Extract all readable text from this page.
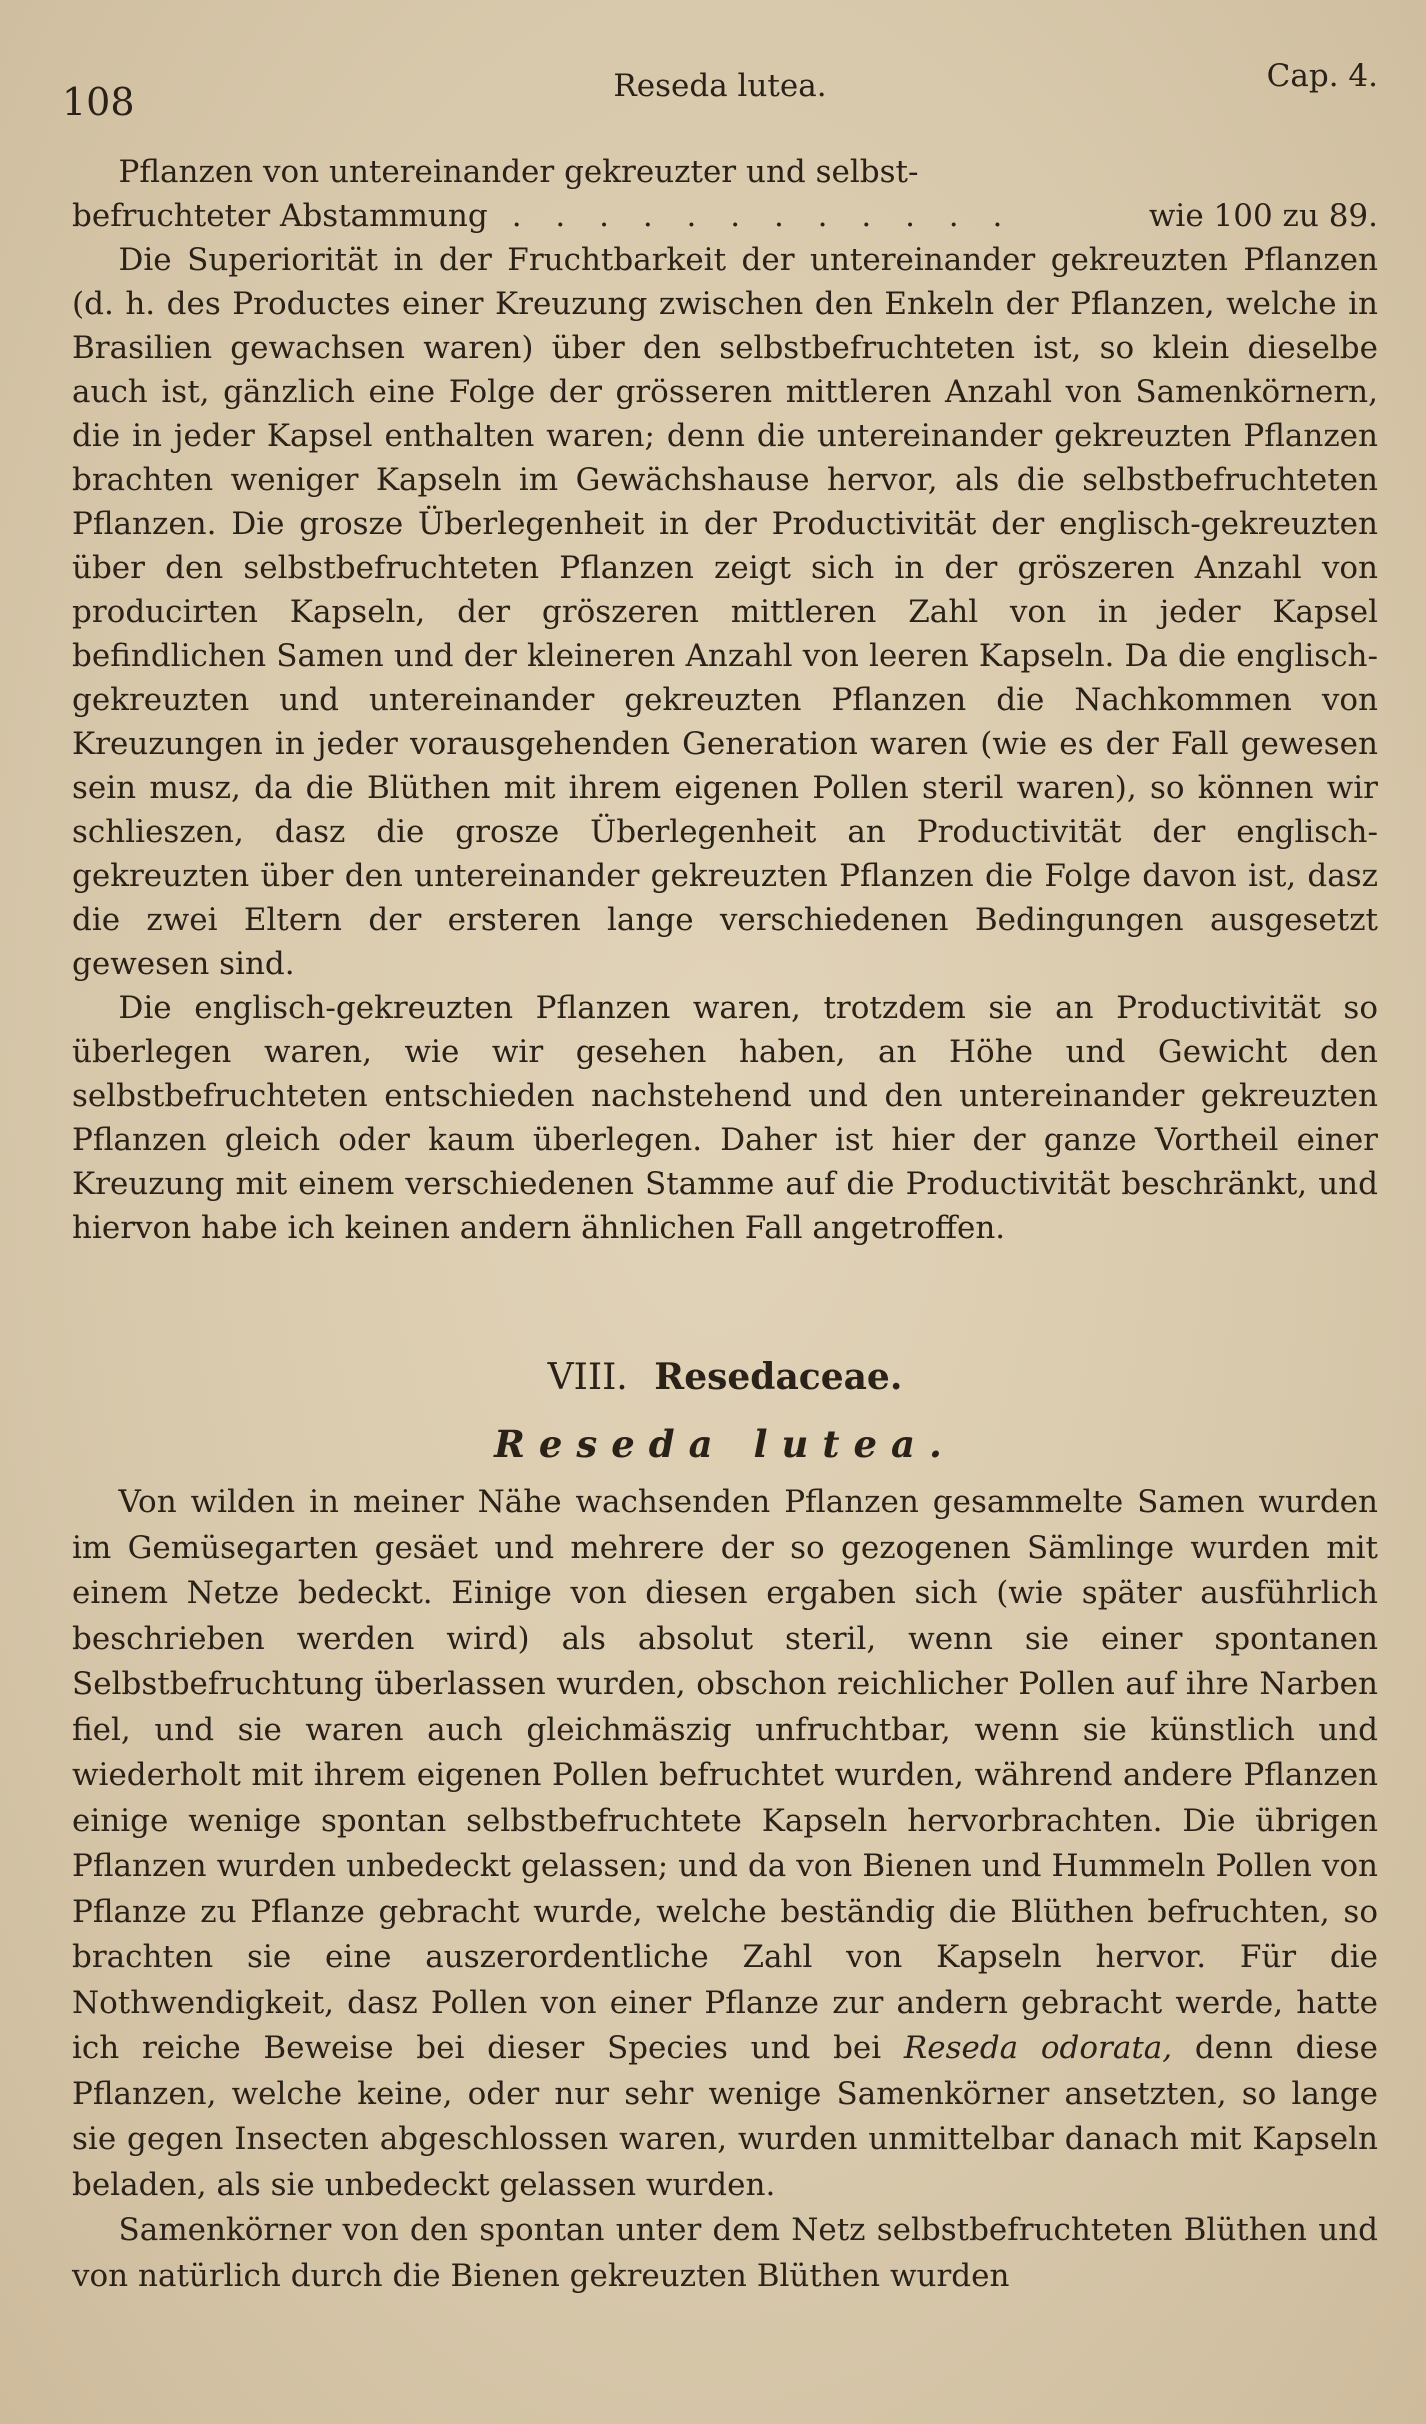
108	Reseda lutea.	Cap. 4.

Pflanzen von untereinander gekreuzter und selbst-

befruchteter Abstammung . . . . . . . . . . . .	wie 100 zu 89.

Die Superiorität in der Fruchtbarkeit der untereinander gekreuzten Pflanzen (d. h. des Productes einer Kreuzung zwischen den Enkeln der Pflanzen, welche in Brasilien gewachsen waren) über den selbstbefruchteten ist, so klein dieselbe auch ist, gänzlich eine Folge der grösseren mittleren Anzahl von Samenkörnern, die in jeder Kapsel enthalten waren; denn die untereinander gekreuzten Pflanzen brachten weniger Kapseln im Gewächshause hervor, als die selbstbefruchteten Pflanzen. Die grosze Überlegenheit in der Productivität der englisch-gekreuzten über den selbstbefruchteten Pflanzen zeigt sich in der gröszeren Anzahl von producirten Kapseln, der gröszeren mittleren Zahl von in jeder Kapsel befindlichen Samen und der kleineren Anzahl von leeren Kapseln. Da die englisch-gekreuzten und untereinander gekreuzten Pflanzen die Nachkommen von Kreuzungen in jeder vorausgehenden Generation waren (wie es der Fall gewesen sein musz, da die Blüthen mit ihrem eigenen Pollen steril waren), so können wir schlieszen, dasz die grosze Überlegenheit an Productivität der englisch-gekreuzten über den untereinander gekreuzten Pflanzen die Folge davon ist, dasz die zwei Eltern der ersteren lange verschiedenen Bedingungen ausgesetzt gewesen sind.

Die englisch-gekreuzten Pflanzen waren, trotzdem sie an Productivität so überlegen waren, wie wir gesehen haben, an Höhe und Gewicht den selbstbefruchteten entschieden nachstehend und den untereinander gekreuzten Pflanzen gleich oder kaum überlegen. Daher ist hier der ganze Vortheil einer Kreuzung mit einem verschiedenen Stamme auf die Productivität beschränkt, und hiervon habe ich keinen andern ähnlichen Fall angetroffen.

VIII. Resedaceae.
Reseda lutea.

Von wilden in meiner Nähe wachsenden Pflanzen gesammelte Samen wurden im Gemüsegarten gesäet und mehrere der so gezogenen Sämlinge wurden mit einem Netze bedeckt. Einige von diesen ergaben sich (wie später ausführlich beschrieben werden wird) als absolut steril, wenn sie einer spontanen Selbstbefruchtung überlassen wurden, obschon reichlicher Pollen auf ihre Narben fiel, und sie waren auch gleichmäszig unfruchtbar, wenn sie künstlich und wiederholt mit ihrem eigenen Pollen befruchtet wurden, während andere Pflanzen einige wenige spontan selbstbefruchtete Kapseln hervorbrachten. Die übrigen Pflanzen wurden unbedeckt gelassen; und da von Bienen und Hummeln Pollen von Pflanze zu Pflanze gebracht wurde, welche beständig die Blüthen befruchten, so brachten sie eine auszerordentliche Zahl von Kapseln hervor. Für die Nothwendigkeit, dasz Pollen von einer Pflanze zur andern gebracht werde, hatte ich reiche Beweise bei dieser Species und bei Reseda odorata, denn diese Pflanzen, welche keine, oder nur sehr wenige Samenkörner ansetzten, so lange sie gegen Insecten abgeschlossen waren, wurden unmittelbar danach mit Kapseln beladen, als sie unbedeckt gelassen wurden.

Samenkörner von den spontan unter dem Netz selbstbefruchteten Blüthen und von natürlich durch die Bienen gekreuzten Blüthen wurden
